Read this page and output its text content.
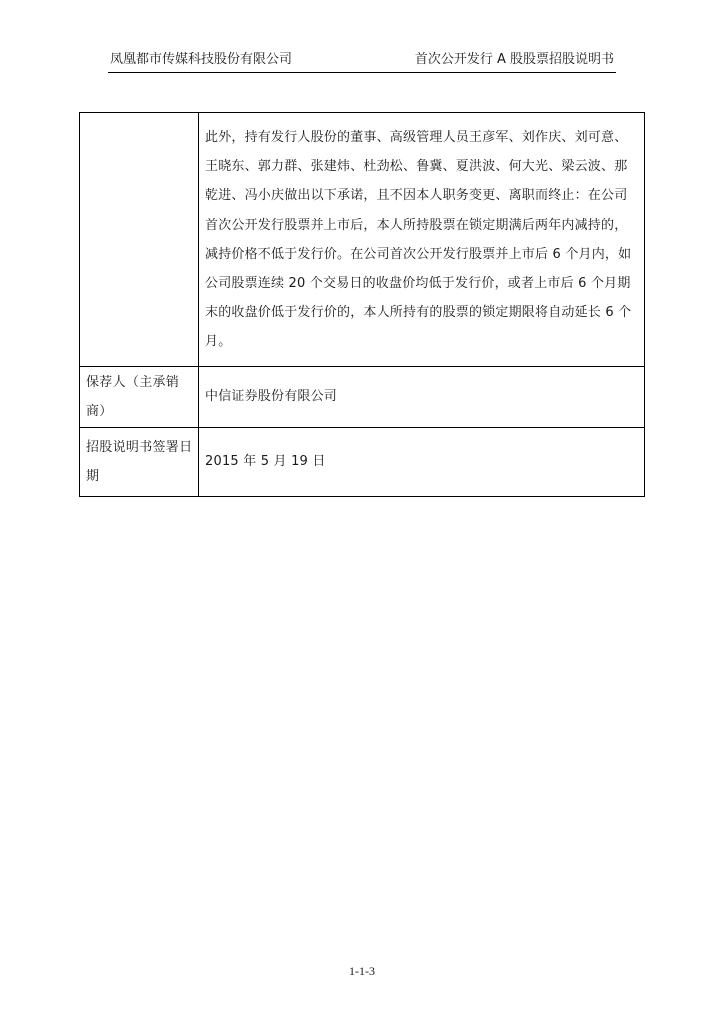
凤凰都市传媒科技股份有限公司	首次公开发行 A 股股票招股说明书
此外，持有发行人股份的董事、高级管理人员王彦军、刘作庆、刘可意、王晓东、郭力群、张建炜、杜劲松、鲁冀、夏洪波、何大光、梁云波、那乾进、冯小庆做出以下承诺，且不因本人职务变更、离职而终止：在公司首次公开发行股票并上市后，本人所持股票在锁定期满后两年内减持的，减持价格不低于发行价。在公司首次公开发行股票并上市后 6 个月内，如公司股票连续 20 个交易日的收盘价均低于发行价，或者上市后 6 个月期末的收盘价低于发行价的，本人所持有的股票的锁定期限将自动延长 6 个月。
保荐人（主承销商）
中信证券股份有限公司
招股说明书签署日期
2015 年 5 月 19 日
1-1-3
